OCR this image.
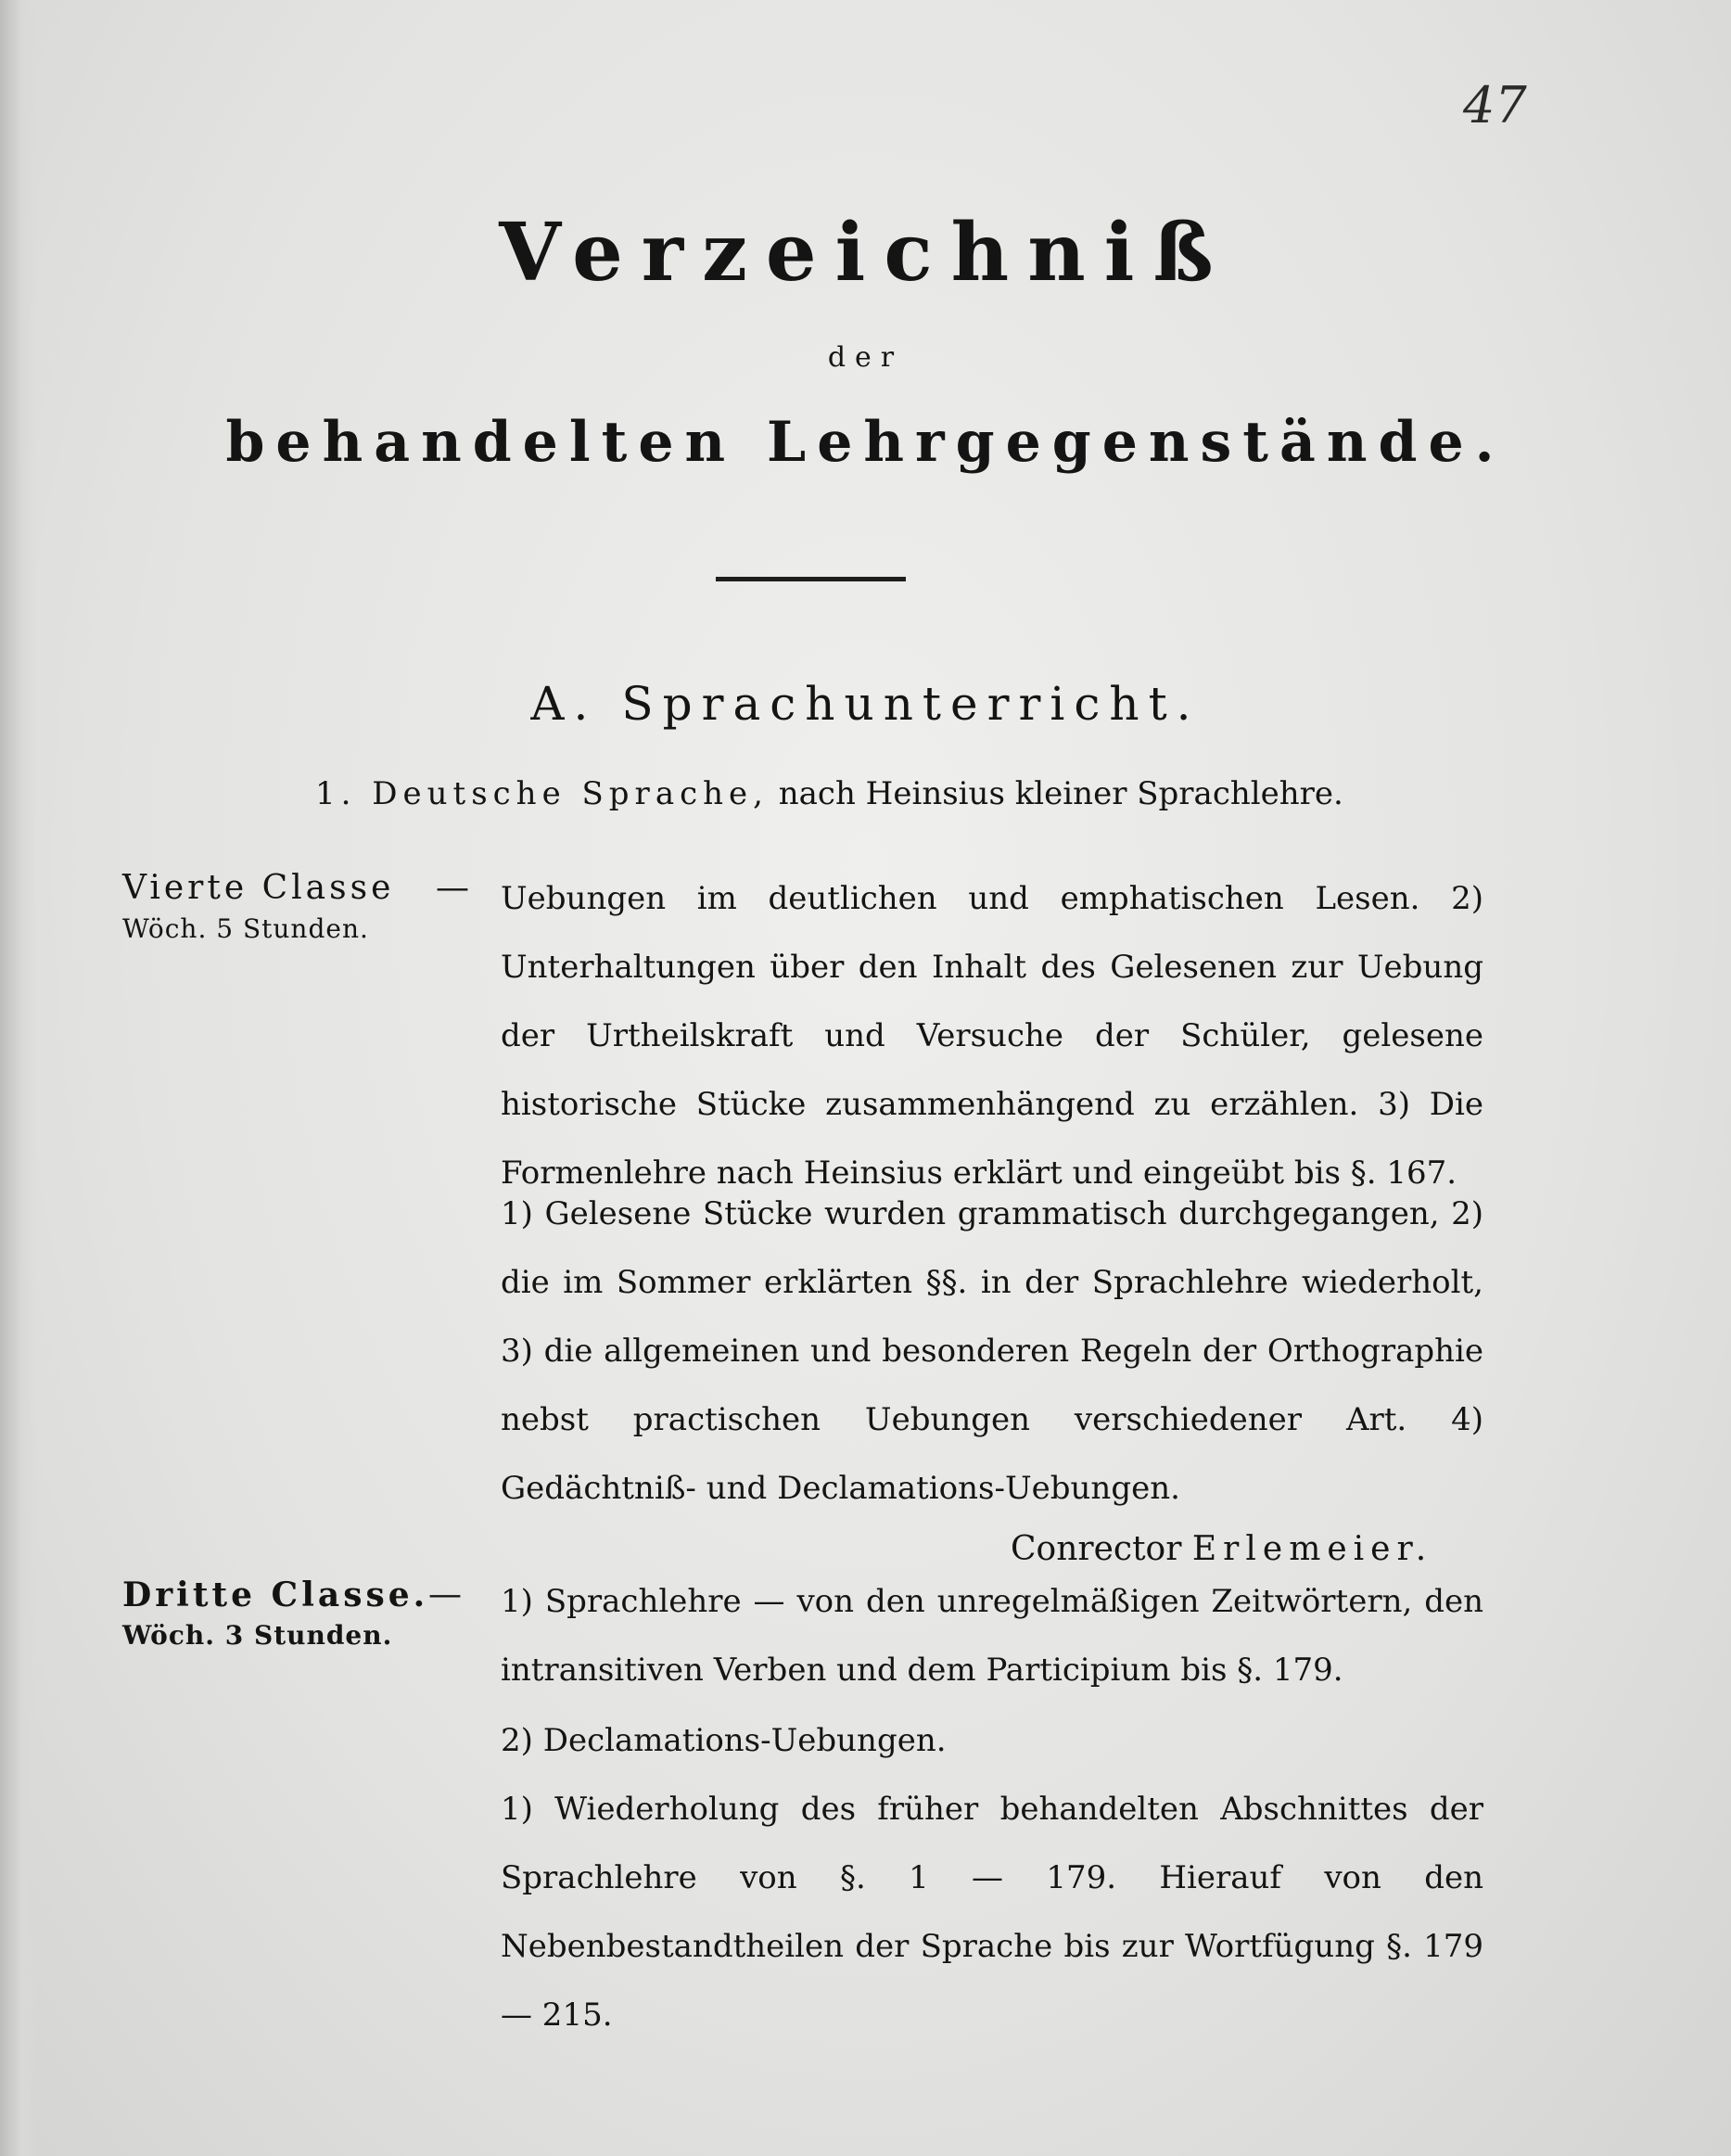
47
Verzeichniß
der
behandelten Lehrgegenstände.
A. Sprachunterricht.
1. Deutsche Sprache, nach Heinsius kleiner Sprachlehre.
Vierte Classe
Wöch. 5 Stunden.
— Uebungen im deutlichen und emphatischen Lesen. 2) Unterhaltungen über den Inhalt des Gelesenen zur Uebung der Urtheilskraft und Versuche der Schüler, gelesene historische Stücke zusammenhängend zu erzählen. 3) Die Formenlehre nach Heinsius erklärt und eingeübt bis §. 167.
1) Gelesene Stücke wurden grammatisch durchgegangen, 2) die im Sommer erklärten §§. in der Sprachlehre wiederholt, 3) die allgemeinen und besonderen Regeln der Orthographie nebst practischen Uebungen verschiedener Art. 4) Gedächtniß- und Declamations-Uebungen.
Conrector Erlemeier.
Dritte Classe.
Wöch. 3 Stunden.
— 1) Sprachlehre — von den unregelmäßigen Zeitwörtern, den intransitiven Verben und dem Participium bis §. 179.
2) Declamations-Uebungen.
1) Wiederholung des früher behandelten Abschnittes der Sprachlehre von §. 1 — 179. Hierauf von den Nebenbestandtheilen der Sprache bis zur Wortfügung §. 179 — 215.
